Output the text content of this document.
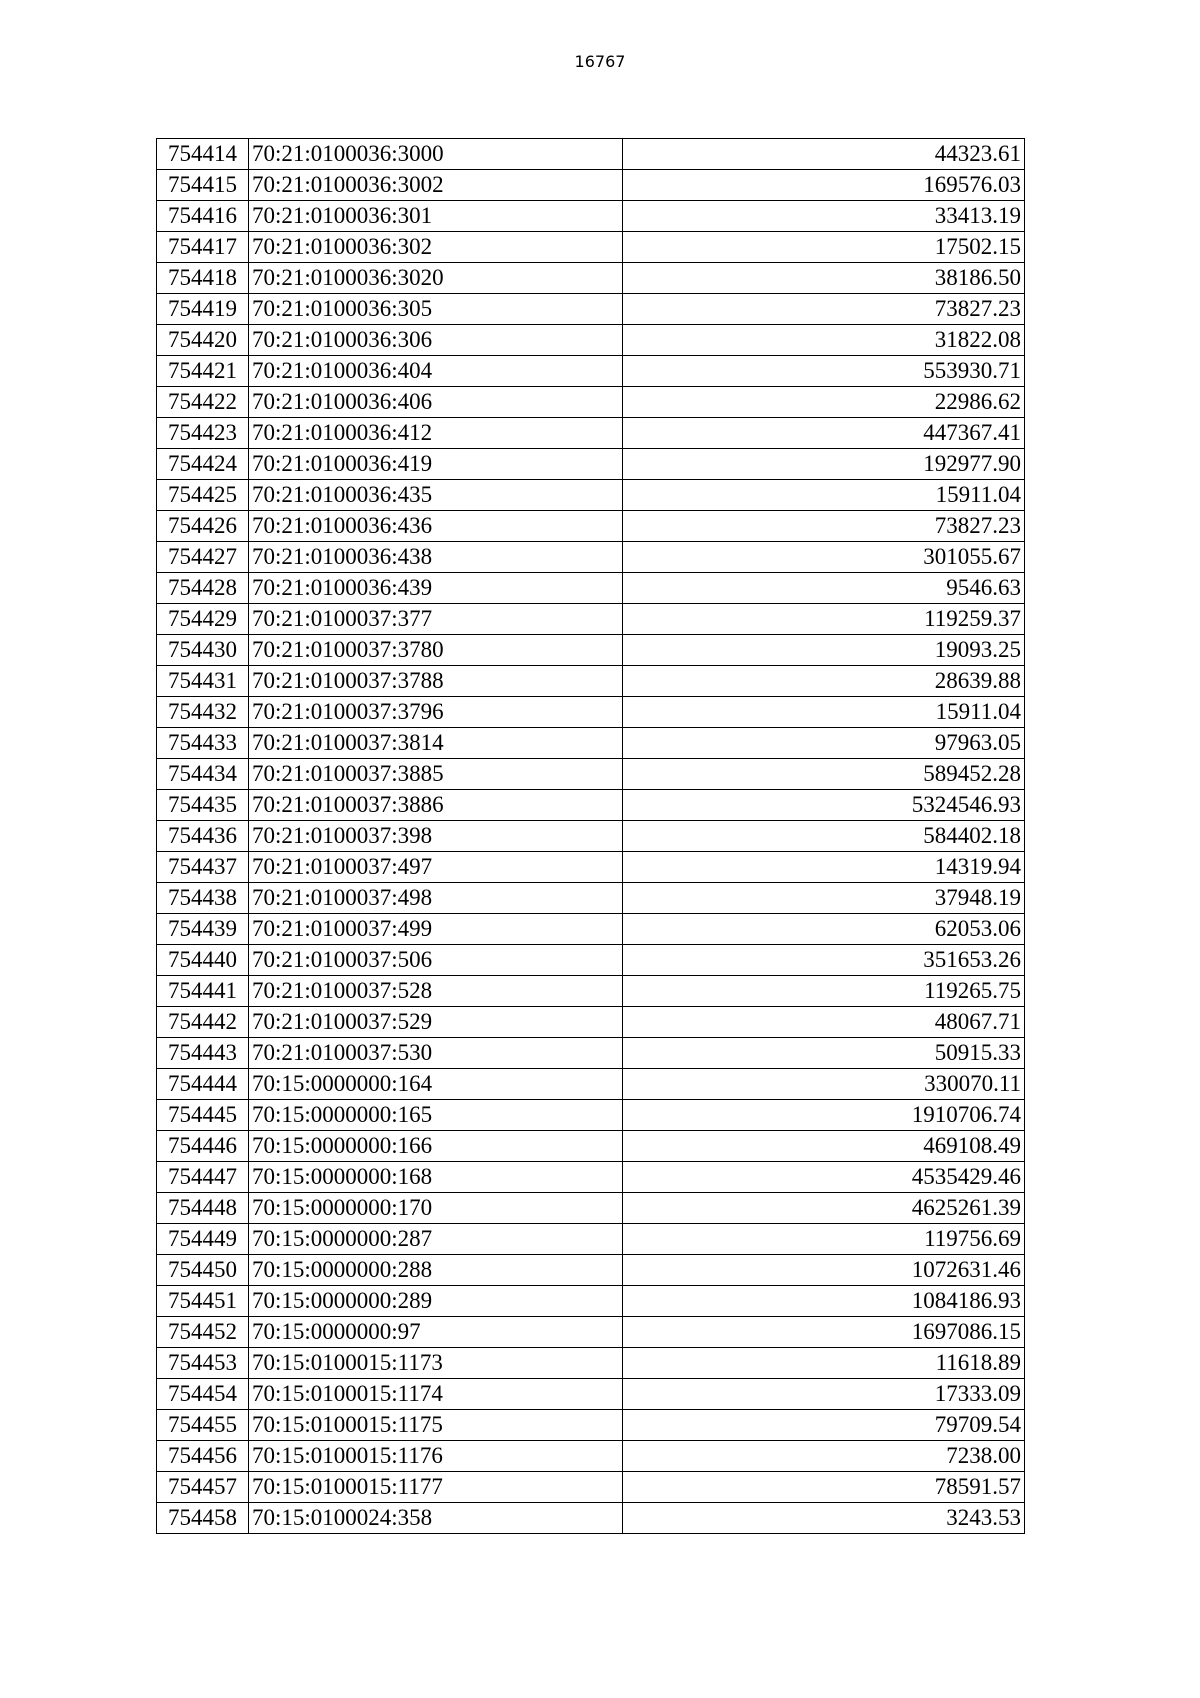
16767
754414	70:21:0100036:3000	44323.61
754415	70:21:0100036:3002	169576.03
754416	70:21:0100036:301	33413.19
754417	70:21:0100036:302	17502.15
754418	70:21:0100036:3020	38186.50
754419	70:21:0100036:305	73827.23
754420	70:21:0100036:306	31822.08
754421	70:21:0100036:404	553930.71
754422	70:21:0100036:406	22986.62
754423	70:21:0100036:412	447367.41
754424	70:21:0100036:419	192977.90
754425	70:21:0100036:435	15911.04
754426	70:21:0100036:436	73827.23
754427	70:21:0100036:438	301055.67
754428	70:21:0100036:439	9546.63
754429	70:21:0100037:377	119259.37
754430	70:21:0100037:3780	19093.25
754431	70:21:0100037:3788	28639.88
754432	70:21:0100037:3796	15911.04
754433	70:21:0100037:3814	97963.05
754434	70:21:0100037:3885	589452.28
754435	70:21:0100037:3886	5324546.93
754436	70:21:0100037:398	584402.18
754437	70:21:0100037:497	14319.94
754438	70:21:0100037:498	37948.19
754439	70:21:0100037:499	62053.06
754440	70:21:0100037:506	351653.26
754441	70:21:0100037:528	119265.75
754442	70:21:0100037:529	48067.71
754443	70:21:0100037:530	50915.33
754444	70:15:0000000:164	330070.11
754445	70:15:0000000:165	1910706.74
754446	70:15:0000000:166	469108.49
754447	70:15:0000000:168	4535429.46
754448	70:15:0000000:170	4625261.39
754449	70:15:0000000:287	119756.69
754450	70:15:0000000:288	1072631.46
754451	70:15:0000000:289	1084186.93
754452	70:15:0000000:97	1697086.15
754453	70:15:0100015:1173	11618.89
754454	70:15:0100015:1174	17333.09
754455	70:15:0100015:1175	79709.54
754456	70:15:0100015:1176	7238.00
754457	70:15:0100015:1177	78591.57
754458	70:15:0100024:358	3243.53
